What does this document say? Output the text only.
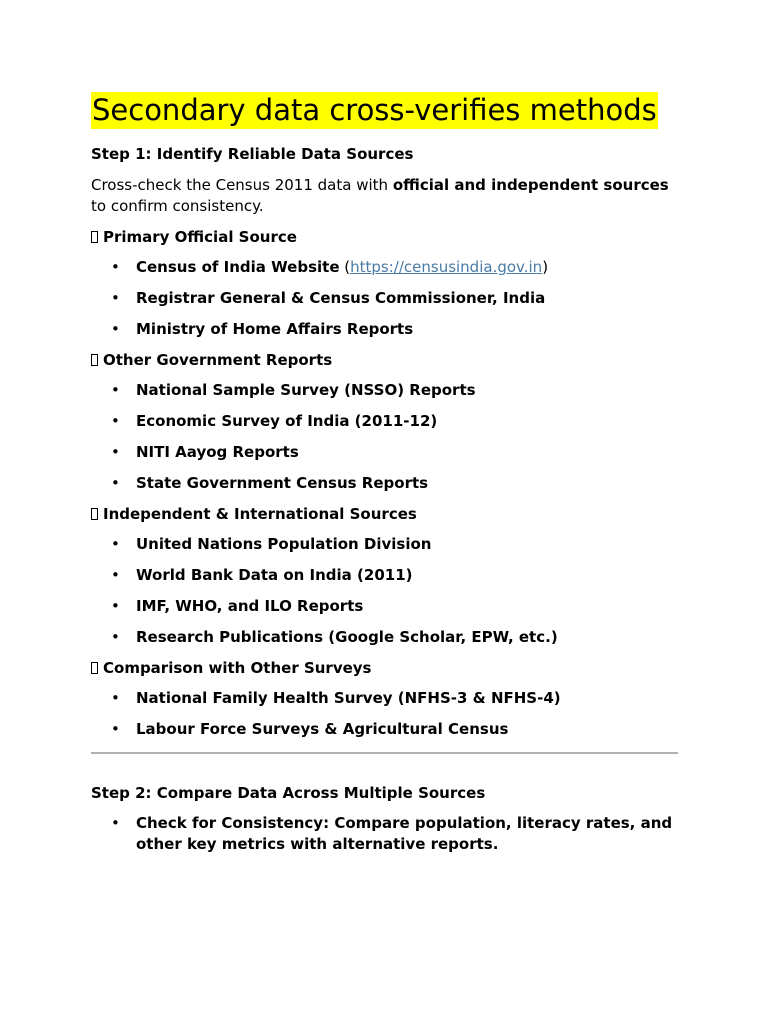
Secondary data cross-verifies methods

Step 1: Identify Reliable Data Sources

Cross-check the Census 2011 data with official and independent sources to confirm consistency.

Primary Official Source
• Census of India Website (https://censusindia.gov.in)
• Registrar General & Census Commissioner, India
• Ministry of Home Affairs Reports
Other Government Reports
• National Sample Survey (NSSO) Reports
• Economic Survey of India (2011-12)
• NITI Aayog Reports
• State Government Census Reports
Independent & International Sources
• United Nations Population Division
• World Bank Data on India (2011)
• IMF, WHO, and ILO Reports
• Research Publications (Google Scholar, EPW, etc.)
Comparison with Other Surveys
• National Family Health Survey (NFHS-3 & NFHS-4)
• Labour Force Surveys & Agricultural Census

Step 2: Compare Data Across Multiple Sources

• Check for Consistency: Compare population, literacy rates, and other key metrics with alternative reports.
